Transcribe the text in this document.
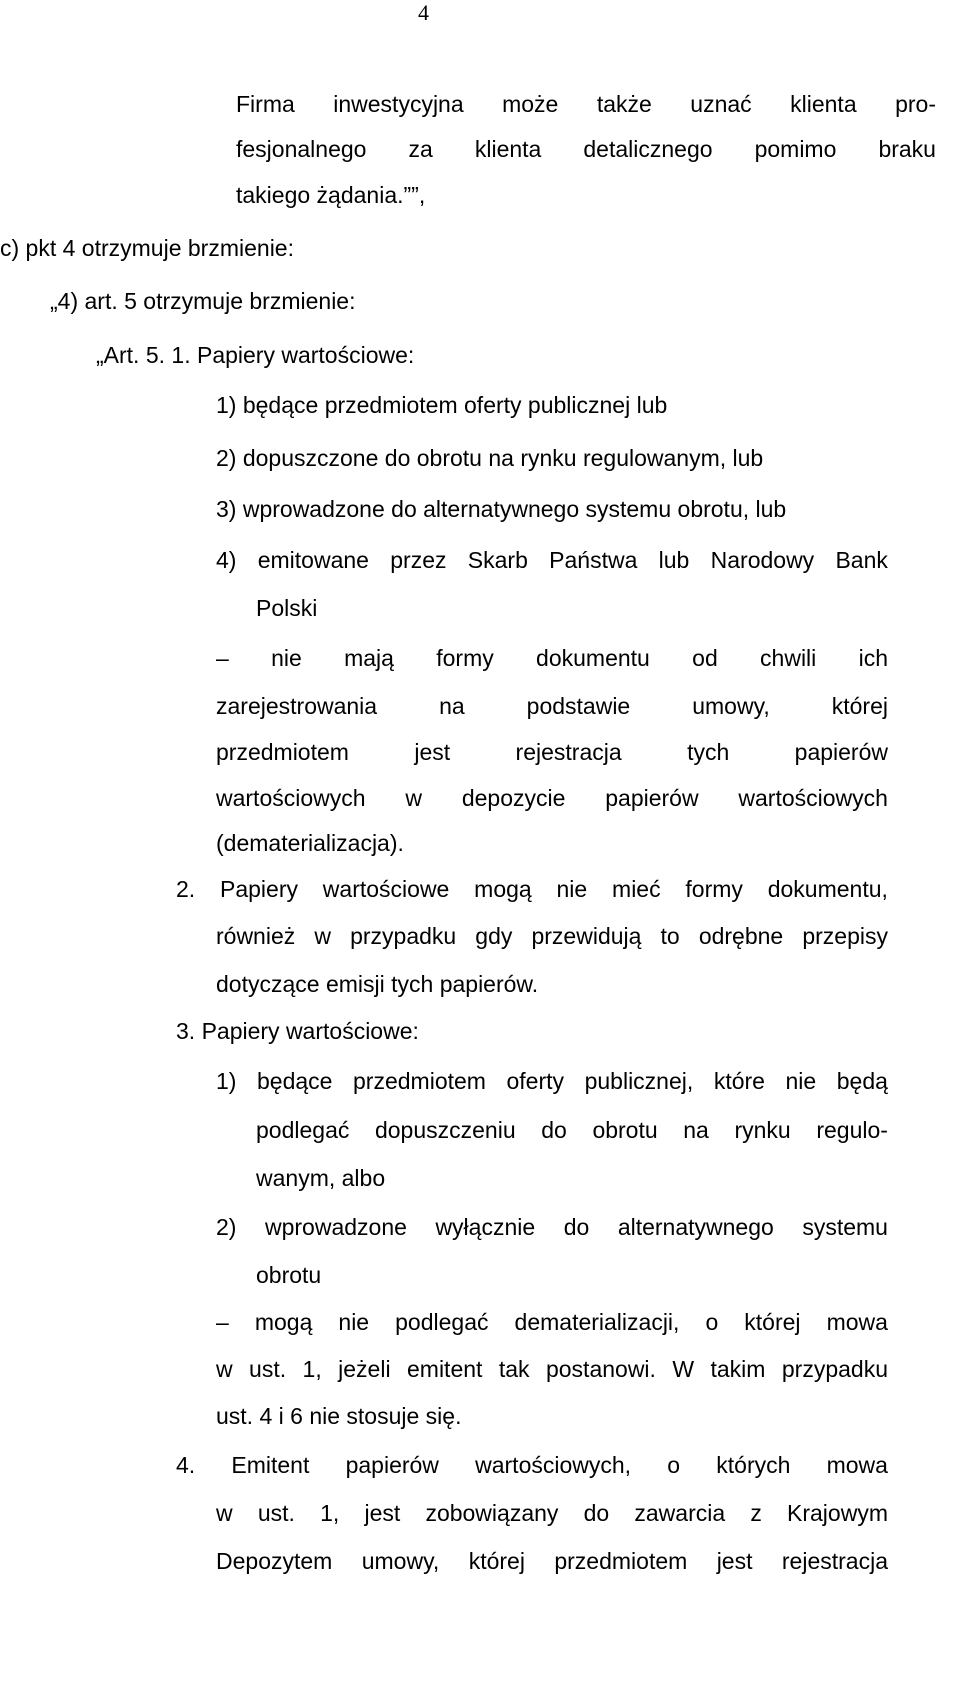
4
Firma inwestycyjna może także uznać klienta pro-
fesjonalnego za klienta detalicznego pomimo braku
takiego żądania.””,
c) pkt 4 otrzymuje brzmienie:
„4) art. 5 otrzymuje brzmienie:
„Art. 5. 1. Papiery wartościowe:
1) będące przedmiotem oferty publicznej lub
2) dopuszczone do obrotu na rynku regulowanym, lub
3) wprowadzone do alternatywnego systemu obrotu, lub
4) emitowane przez Skarb Państwa lub Narodowy Bank
Polski
– nie mają formy dokumentu od chwili ich
zarejestrowania	na	podstawie	umowy,	której
przedmiotem	jest	rejestracja	tych	papierów
wartościowych w depozycie papierów wartościowych
(dematerializacja).
2. Papiery wartościowe mogą nie mieć formy dokumentu,
również w przypadku gdy przewidują to odrębne przepisy
dotyczące emisji tych papierów.
3. Papiery wartościowe:
1) będące przedmiotem oferty publicznej, które nie będą
podlegać dopuszczeniu do obrotu na rynku regulo-
wanym, albo
2) wprowadzone wyłącznie do alternatywnego systemu
obrotu
– mogą nie podlegać dematerializacji, o której mowa
w ust. 1, jeżeli emitent tak postanowi. W takim przypadku
ust. 4 i 6 nie stosuje się.
4. Emitent papierów wartościowych, o których mowa
w ust. 1, jest zobowiązany do zawarcia z Krajowym
Depozytem umowy, której przedmiotem jest rejestracja
